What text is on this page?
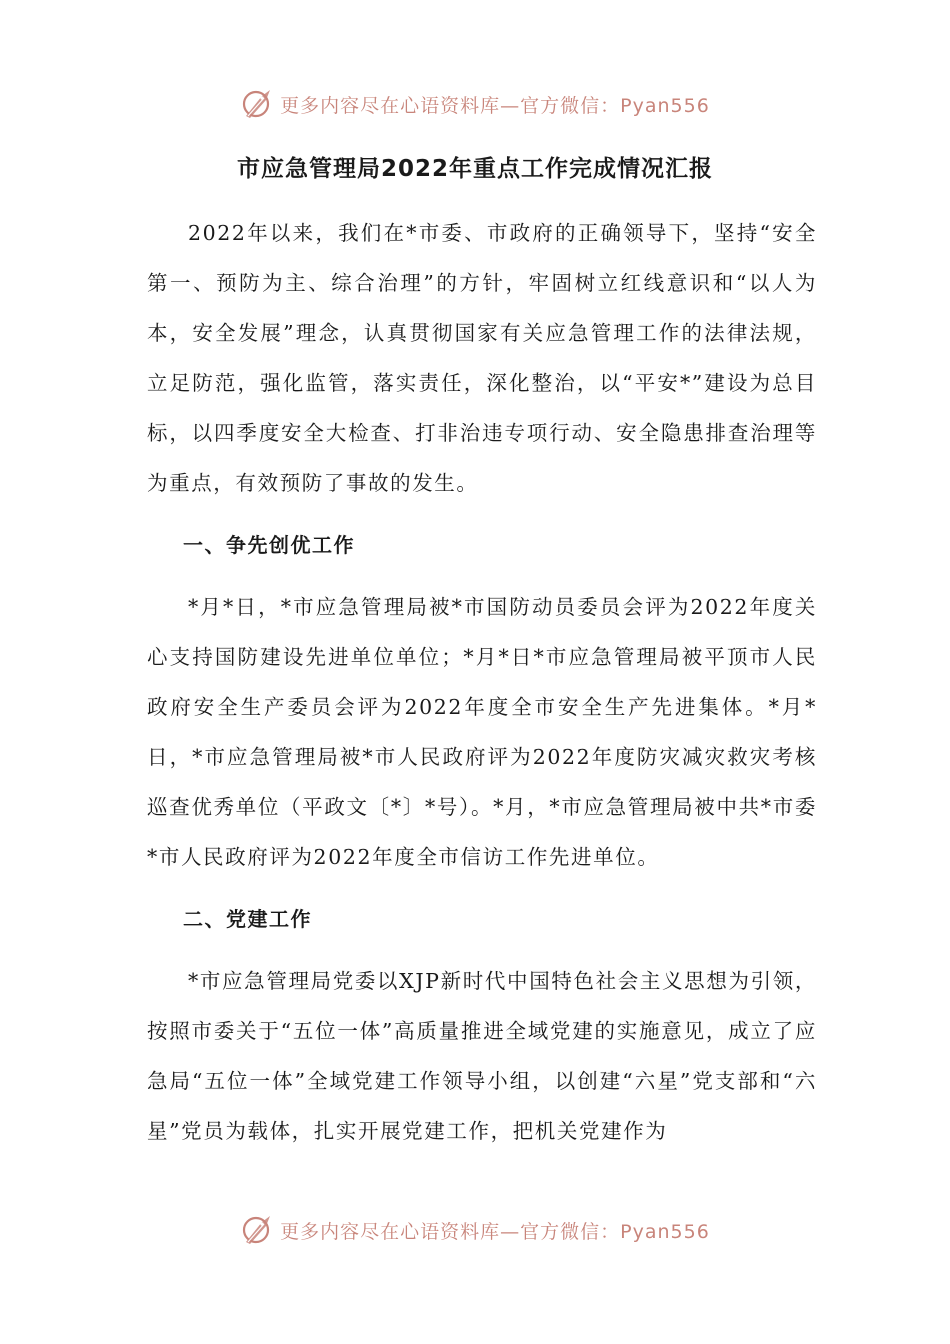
更多内容尽在心语资料库—官方微信：Pyan556
市应急管理局2022年重点工作完成情况汇报

2022年以来，我们在*市委、市政府的正确领导下，坚持“安全第一、预防为主、综合治理”的方针，牢固树立红线意识和“以人为本，安全发展”理念，认真贯彻国家有关应急管理工作的法律法规，立足防范，强化监管，落实责任，深化整治，以“平安*”建设为总目标，以四季度安全大检查、打非治违专项行动、安全隐患排查治理等为重点，有效预防了事故的发生。

一、争先创优工作

*月*日，*市应急管理局被*市国防动员委员会评为2022年度关心支持国防建设先进单位单位；*月*日*市应急管理局被平顶市人民政府安全生产委员会评为2022年度全市安全生产先进集体。*月*日，*市应急管理局被*市人民政府评为2022年度防灾减灾救灾考核巡查优秀单位（平政文〔*〕*号）。*月，*市应急管理局被中共*市委*市人民政府评为2022年度全市信访工作先进单位。

二、党建工作

*市应急管理局党委以XJP新时代中国特色社会主义思想为引领，按照市委关于“五位一体”高质量推进全域党建的实施意见，成立了应急局“五位一体”全域党建工作领导小组，以创建“六星”党支部和“六星”党员为载体，扎实开展党建工作，把机关党建作为

更多内容尽在心语资料库—官方微信：Pyan556
